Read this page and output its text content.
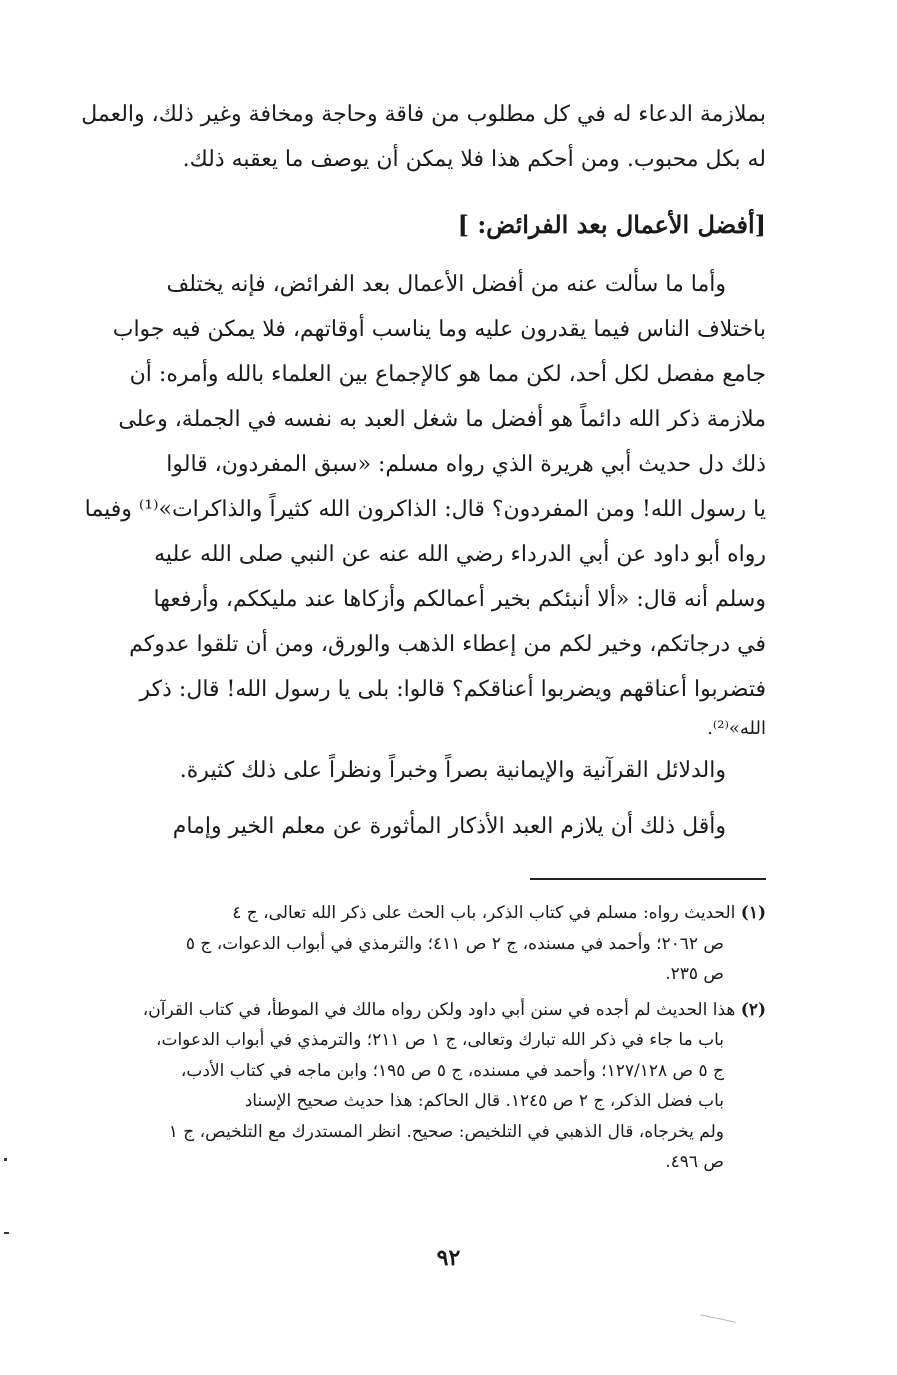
بملازمة الدعاء له في كل مطلوب من فاقة وحاجة ومخافة وغير ذلك، والعمل
له بكل محبوب. ومن أحكم هذا فلا يمكن أن يوصف ما يعقبه ذلك.
[أفضل الأعمال بعد الفرائض: ]
وأما ما سألت عنه من أفضل الأعمال بعد الفرائض، فإنه يختلف
باختلاف الناس فيما يقدرون عليه وما يناسب أوقاتهم، فلا يمكن فيه جواب
جامع مفصل لكل أحد، لكن مما هو كالإجماع بين العلماء بالله وأمره: أن
ملازمة ذكر الله دائماً هو أفضل ما شغل العبد به نفسه في الجملة، وعلى
ذلك دل حديث أبي هريرة الذي رواه مسلم: «سبق المفردون، قالوا
يا رسول الله! ومن المفردون؟ قال: الذاكرون الله كثيراً والذاكرات»⁽¹⁾ وفيما
رواه أبو داود عن أبي الدرداء رضي الله عنه عن النبي صلى الله عليه
وسلم أنه قال: «ألا أنبئكم بخير أعمالكم وأزكاها عند مليككم، وأرفعها
في درجاتكم، وخير لكم من إعطاء الذهب والورق، ومن أن تلقوا عدوكم
فتضربوا أعناقهم ويضربوا أعناقكم؟ قالوا: بلى يا رسول الله! قال: ذكر
الله»⁽²⁾.
والدلائل القرآنية والإيمانية بصراً وخبراً ونظراً على ذلك كثيرة.
وأقل ذلك أن يلازم العبد الأذكار المأثورة عن معلم الخير وإمام
(١) الحديث رواه: مسلم في كتاب الذكر، باب الحث على ذكر الله تعالى، ج ٤
ص ٢٠٦٢؛ وأحمد في مسنده، ج ٢ ص ٤١١؛ والترمذي في أبواب الدعوات، ج ٥
ص ٢٣٥.
(٢) هذا الحديث لم أجده في سنن أبي داود ولكن رواه مالك في الموطأ، في كتاب القرآن،
باب ما جاء في ذكر الله تبارك وتعالى، ج ١ ص ٢١١؛ والترمذي في أبواب الدعوات،
ج ٥ ص ١٢٧/١٢٨؛ وأحمد في مسنده، ج ٥ ص ١٩٥؛ وابن ماجه في كتاب الأدب،
باب فضل الذكر، ج ٢ ص ١٢٤٥. قال الحاكم: هذا حديث صحيح الإسناد
ولم يخرجاه، قال الذهبي في التلخيص: صحيح. انظر المستدرك مع التلخيص، ج ١
ص ٤٩٦.
٩٢
